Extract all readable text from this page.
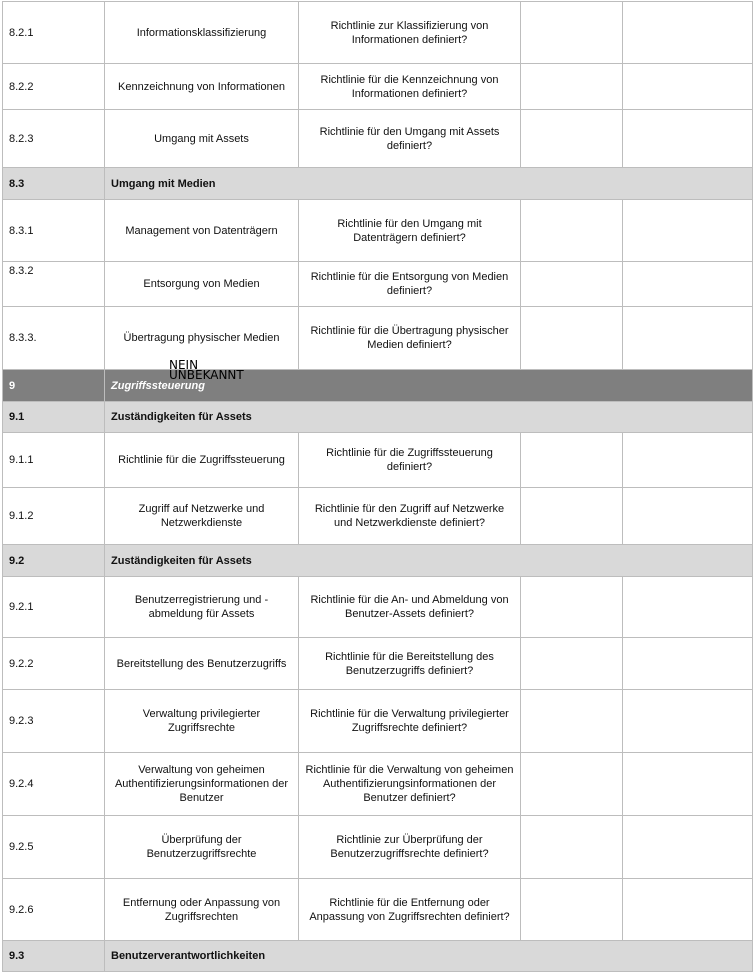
8.2.1	Informationsklassifizierung	Richtlinie zur Klassifizierung von Informationen definiert?		
8.2.2	Kennzeichnung von Informationen	Richtlinie für die Kennzeichnung von Informationen definiert?		
8.2.3	Umgang mit Assets	Richtlinie für den Umgang mit Assets definiert?		
8.3	Umgang mit Medien			
8.3.1	Management von Datenträgern	Richtlinie für den Umgang mit Datenträgern definiert?		
8.3.2	Entsorgung von Medien	Richtlinie für die Entsorgung von Medien definiert?		
8.3.3.	Übertragung physischer Medien	Richtlinie für die Übertragung physischer Medien definiert?		
9	Zugriffssteuerung			
9.1	Zuständigkeiten für Assets			
9.1.1	Richtlinie für die Zugriffssteuerung	Richtlinie für die Zugriffssteuerung definiert?		
9.1.2	Zugriff auf Netzwerke und Netzwerkdienste	Richtlinie für den Zugriff auf Netzwerke und Netzwerkdienste definiert?		
9.2	Zuständigkeiten für Assets			
9.2.1	Benutzerregistrierung und -abmeldung für Assets	Richtlinie für die An- und Abmeldung von Benutzer-Assets definiert?		
9.2.2	Bereitstellung des Benutzerzugriffs	Richtlinie für die Bereitstellung des Benutzerzugriffs definiert?		
9.2.3	Verwaltung privilegierter Zugriffsrechte	Richtlinie für die Verwaltung privilegierter Zugriffsrechte definiert?		
9.2.4	Verwaltung von geheimen Authentifizierungsinformationen der Benutzer	Richtlinie für die Verwaltung von geheimen Authentifizierungsinformationen der Benutzer definiert?		
9.2.5	Überprüfung der Benutzerzugriffsrechte	Richtlinie zur Überprüfung der Benutzerzugriffsrechte definiert?		
9.2.6	Entfernung oder Anpassung von Zugriffsrechten	Richtlinie für die Entfernung oder Anpassung von Zugriffsrechten definiert?		
9.3	Benutzerverantwortlichkeiten			
NEIN
UNBEKANNT
